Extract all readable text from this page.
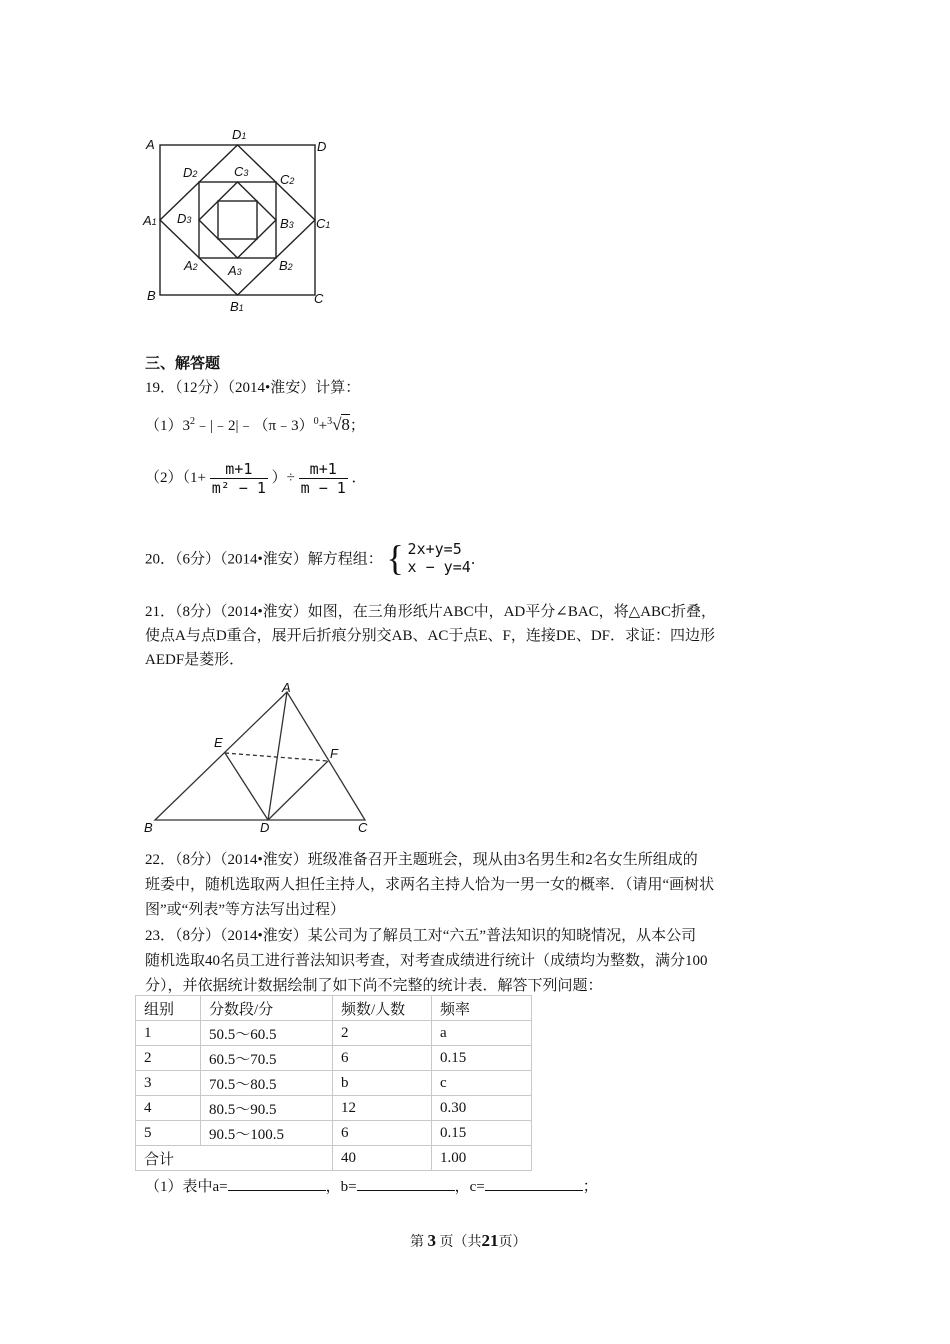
A
D1
D
D2	C3 C2
A1 D3	B3 C1
A2 A3	B2
B
B1
C
三、解答题
19．（12分）（2014•淮安）计算：
$(1)3^2﹣|﹣2|﹣(\pi﹣3)^0+^3√8$；
$(2)(1+ \frac{m+1}{\text{m² − 1}}$ ）÷ $\frac{m+1}{m - 1}$ ．
20．（6分）（2014•淮安）解方程组： { 2x+y=5
x − y=4 ．
21．（8分）（2014•淮安）如图，在三角形纸片ABC中，AD平分∠BAC，将△ABC折叠，
使点A与点D重合，展开后折痕分别交AB、AC于点E、F，连接DE、DF．求证：四边形
AEDF是菱形．
A
E
F
B	D	C
22．（8分）（2014•淮安）班级准备召开主题班会，现从由3名男生和2名女生所组成的
班委中，随机选取两人担任主持人，求两名主持人恰为一男一女的概率．（请用“画树状
图”或“列表”等方法写出过程）
23．（8分）（2014•淮安）某公司为了解员工对“六五”普法知识的知晓情况，从本公司
随机选取40名员工进行普法知识考查，对考查成绩进行统计（成绩均为整数，满分100
分），并依据统计数据绘制了如下尚不完整的统计表．解答下列问题：
组别	分数段/分	频数/人数	频率
1	50.5～60.5	2	a
2	60.5～70.5	6	0.15
3	70.5～80.5	b	c
4	80.5～90.5	12	0.30
5	90.5～100.5	6	0.15
合计		40	1.00
（1）表中a=	，b=	，c=	；
第 3 页（共21页）
